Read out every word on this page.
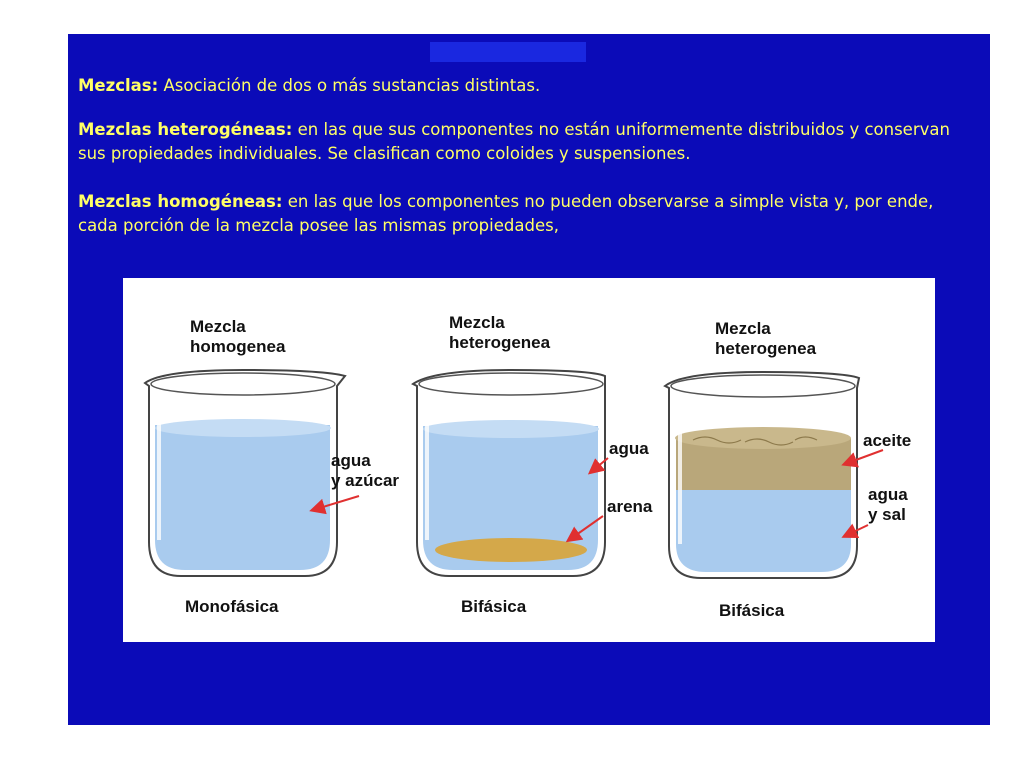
Mezclas: Asociación de dos o más sustancias distintas.
Mezclas heterogéneas: en las que sus componentes no están uniformemente distribuidos y conservan sus propiedades individuales. Se clasifican como coloides y suspensiones.
Mezclas homogéneas: en las que los componentes no pueden observarse a simple vista y, por ende, cada porción de la mezcla posee las mismas propiedades,
Mezcla
homogenea
agua
y azúcar
Monofásica
Mezcla
heterogenea
agua
arena
Bifásica
Mezcla
heterogenea
aceite
agua
y sal
Bifásica
